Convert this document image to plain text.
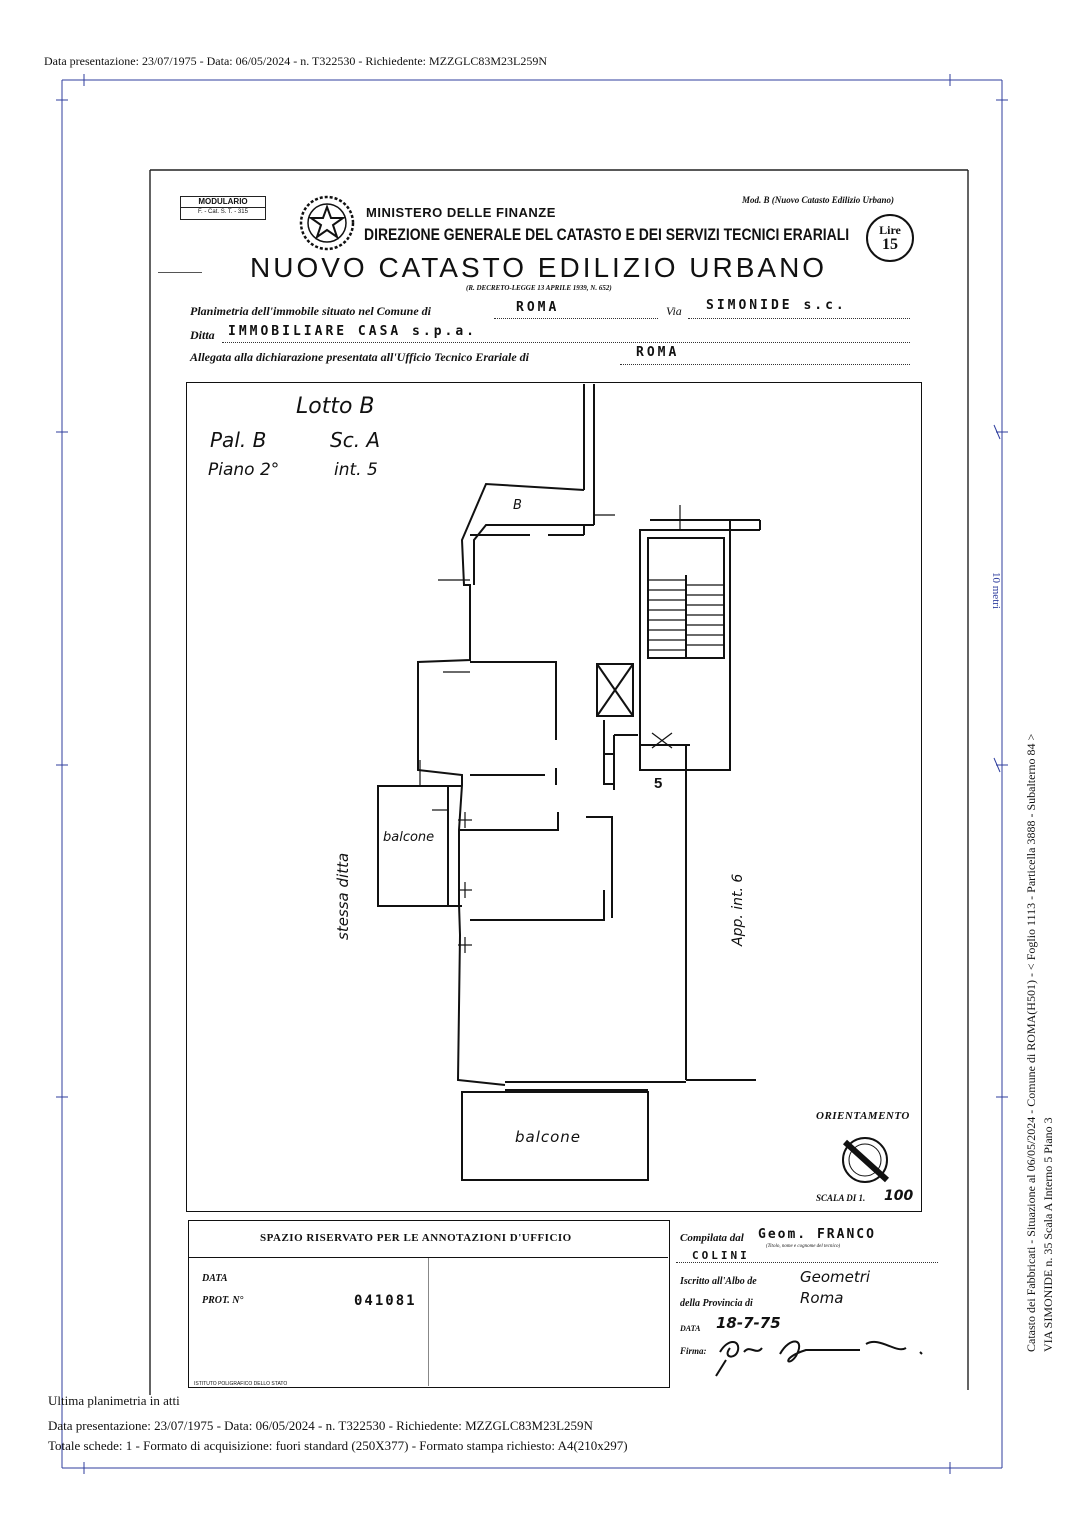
Data presentazione: 23/07/1975 - Data: 06/05/2024 - n. T322530 - Richiedente: MZZGLC83M23L259N
10 metri
Catasto dei Fabbricati - Situazione al 06/05/2024 - Comune di ROMA(H501) - < Foglio 1113 - Particella 3888 - Subalterno 84 > VIA SIMONIDE n. 35 Scala A Interno 5 Piano 3
MODULARIO
F. - Cat. S. T. - 315	MINISTERO DELLE FINANZE
DIREZIONE GENERALE DEL CATASTO E DEI SERVIZI TECNICI ERARIALI
Mod. B (Nuovo Catasto Edilizio Urbano)
Lire
15
NUOVO CATASTO EDILIZIO URBANO
(R. DECRETO-LEGGE 13 APRILE 1939, N. 652)
Planimetria dell'immobile situato nel Comune di	ROMA	Via SIMONIDE s.c.
Ditta IMMOBILIARE CASA s.p.a.
Allegata alla dichiarazione presentata all'Ufficio Tecnico Erariale di	ROMA
Lotto B
Pal. B	Sc. A
Piano 2°	int. 5
B
5
balcone
balcone
stessa ditta	App. int. 6
ORIENTAMENTO
SCALA DI 1. 100
SPAZIO RISERVATO PER LE ANNOTAZIONI D'UFFICIO
DATA
PROT. N°	041081
ISTITUTO POLIGRAFICO DELLO STATO
Compilata dal Geom. FRANCO
COLINI
(Titolo, nome e cognome del tecnico)
Iscritto all'Albo de	Geometri
della Provincia di	Roma
DATA 18-7-75
Firma:
Ultima planimetria in atti
Data presentazione: 23/07/1975 - Data: 06/05/2024 - n. T322530 - Richiedente: MZZGLC83M23L259N
Totale schede: 1 - Formato di acquisizione: fuori standard (250X377) - Formato stampa richiesto: A4(210x297)
